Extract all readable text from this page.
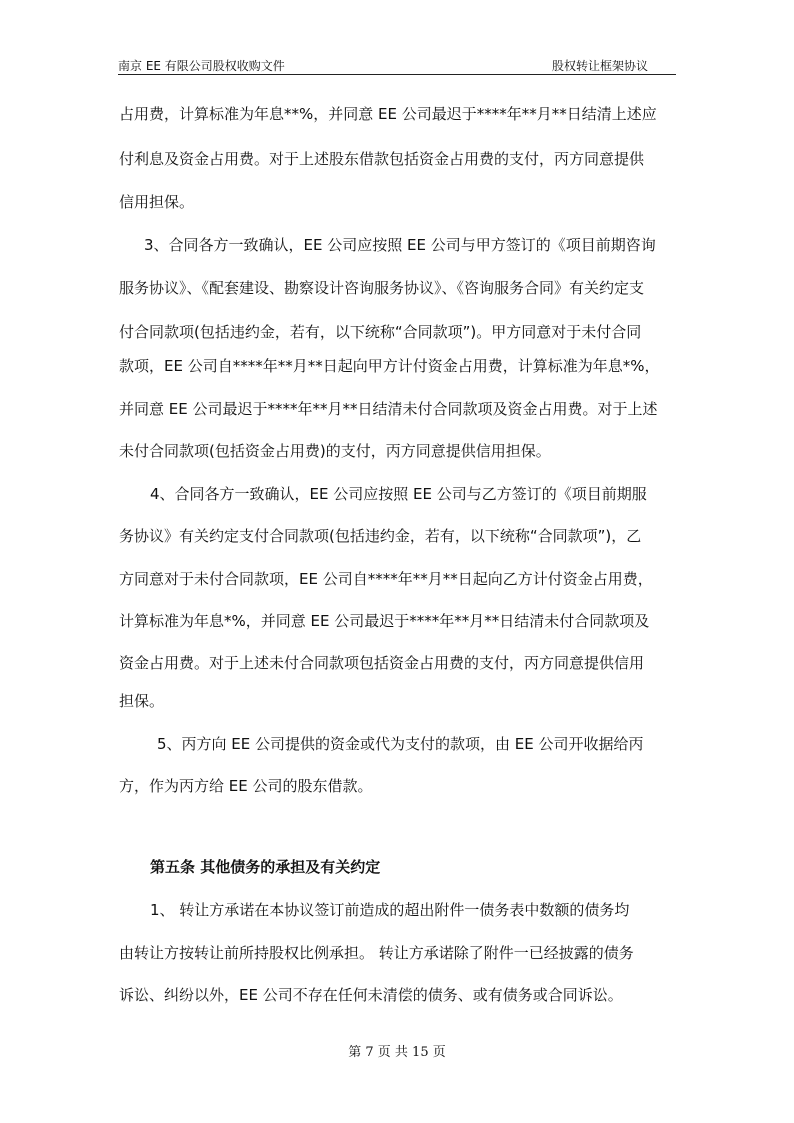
南京 EE 有限公司股权收购文件	股权转让框架协议
占用费，计算标准为年息**%，并同意 EE 公司最迟于****年**月**日结清上述应
付利息及资金占用费。对于上述股东借款包括资金占用费的支付，丙方同意提供
信用担保。
3、合同各方一致确认，EE 公司应按照 EE 公司与甲方签订的《项目前期咨询
服务协议》、《配套建设、勘察设计咨询服务协议》、《咨询服务合同》有关约定支
付合同款项(包括违约金，若有，以下统称“合同款项”)。甲方同意对于未付合同
款项，EE 公司自****年**月**日起向甲方计付资金占用费，计算标准为年息*%，
并同意 EE 公司最迟于****年**月**日结清未付合同款项及资金占用费。对于上述
未付合同款项(包括资金占用费)的支付，丙方同意提供信用担保。
4、合同各方一致确认，EE 公司应按照 EE 公司与乙方签订的《项目前期服
务协议》有关约定支付合同款项(包括违约金，若有，以下统称“合同款项”)，乙
方同意对于未付合同款项，EE 公司自****年**月**日起向乙方计付资金占用费，
计算标准为年息*%，并同意 EE 公司最迟于****年**月**日结清未付合同款项及
资金占用费。对于上述未付合同款项包括资金占用费的支付，丙方同意提供信用
担保。
5、丙方向 EE 公司提供的资金或代为支付的款项，由 EE 公司开收据给丙
方，作为丙方给 EE 公司的股东借款。
第五条 其他债务的承担及有关约定
1、 转让方承诺在本协议签订前造成的超出附件一债务表中数额的债务均
由转让方按转让前所持股权比例承担。 转让方承诺除了附件一已经披露的债务
诉讼、纠纷以外，EE 公司不存在任何未清偿的债务、或有债务或合同诉讼。
第 7 页 共 15 页
